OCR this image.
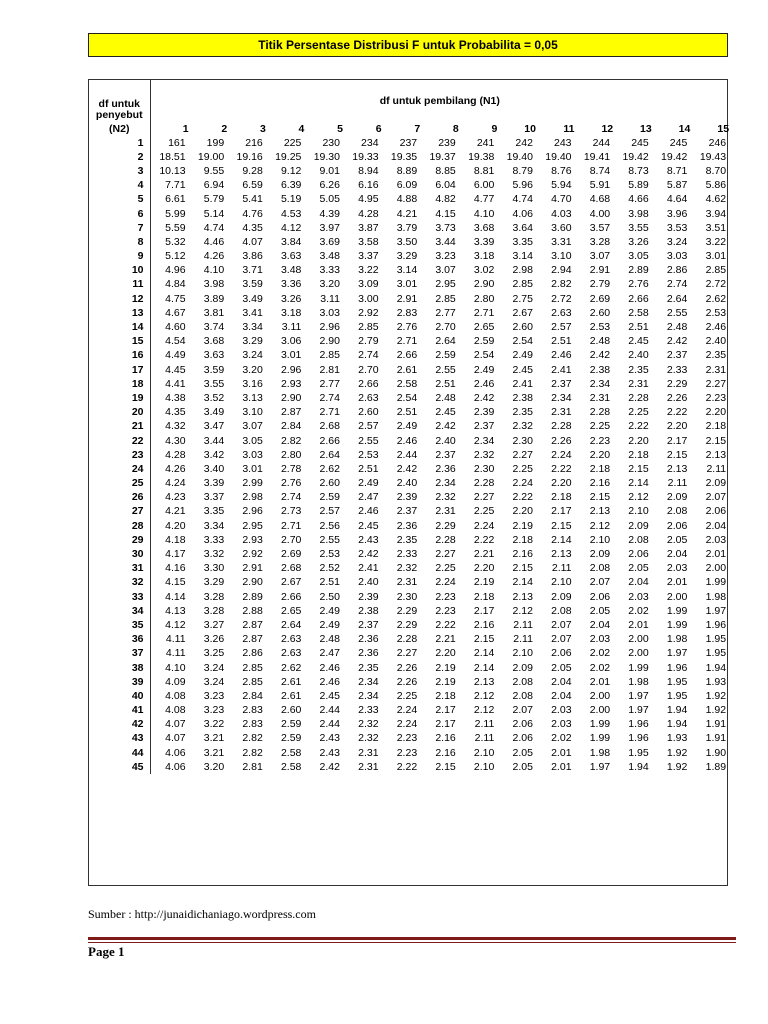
Titik Persentase Distribusi F untuk Probabilita = 0,05
df untuk
penyebut	df untuk pembilang (N1)														
(N2)	1	2	3	4	5	6	7	8	9	10	11	12	13	14	15
1	161	199	216	225	230	234	237	239	241	242	243	244	245	245	246
2	18.51	19.00	19.16	19.25	19.30	19.33	19.35	19.37	19.38	19.40	19.40	19.41	19.42	19.42	19.43
3	10.13	9.55	9.28	9.12	9.01	8.94	8.89	8.85	8.81	8.79	8.76	8.74	8.73	8.71	8.70
4	7.71	6.94	6.59	6.39	6.26	6.16	6.09	6.04	6.00	5.96	5.94	5.91	5.89	5.87	5.86
5	6.61	5.79	5.41	5.19	5.05	4.95	4.88	4.82	4.77	4.74	4.70	4.68	4.66	4.64	4.62
6	5.99	5.14	4.76	4.53	4.39	4.28	4.21	4.15	4.10	4.06	4.03	4.00	3.98	3.96	3.94
7	5.59	4.74	4.35	4.12	3.97	3.87	3.79	3.73	3.68	3.64	3.60	3.57	3.55	3.53	3.51
8	5.32	4.46	4.07	3.84	3.69	3.58	3.50	3.44	3.39	3.35	3.31	3.28	3.26	3.24	3.22
9	5.12	4.26	3.86	3.63	3.48	3.37	3.29	3.23	3.18	3.14	3.10	3.07	3.05	3.03	3.01
10	4.96	4.10	3.71	3.48	3.33	3.22	3.14	3.07	3.02	2.98	2.94	2.91	2.89	2.86	2.85
11	4.84	3.98	3.59	3.36	3.20	3.09	3.01	2.95	2.90	2.85	2.82	2.79	2.76	2.74	2.72
12	4.75	3.89	3.49	3.26	3.11	3.00	2.91	2.85	2.80	2.75	2.72	2.69	2.66	2.64	2.62
13	4.67	3.81	3.41	3.18	3.03	2.92	2.83	2.77	2.71	2.67	2.63	2.60	2.58	2.55	2.53
14	4.60	3.74	3.34	3.11	2.96	2.85	2.76	2.70	2.65	2.60	2.57	2.53	2.51	2.48	2.46
15	4.54	3.68	3.29	3.06	2.90	2.79	2.71	2.64	2.59	2.54	2.51	2.48	2.45	2.42	2.40
16	4.49	3.63	3.24	3.01	2.85	2.74	2.66	2.59	2.54	2.49	2.46	2.42	2.40	2.37	2.35
17	4.45	3.59	3.20	2.96	2.81	2.70	2.61	2.55	2.49	2.45	2.41	2.38	2.35	2.33	2.31
18	4.41	3.55	3.16	2.93	2.77	2.66	2.58	2.51	2.46	2.41	2.37	2.34	2.31	2.29	2.27
19	4.38	3.52	3.13	2.90	2.74	2.63	2.54	2.48	2.42	2.38	2.34	2.31	2.28	2.26	2.23
20	4.35	3.49	3.10	2.87	2.71	2.60	2.51	2.45	2.39	2.35	2.31	2.28	2.25	2.22	2.20
21	4.32	3.47	3.07	2.84	2.68	2.57	2.49	2.42	2.37	2.32	2.28	2.25	2.22	2.20	2.18
22	4.30	3.44	3.05	2.82	2.66	2.55	2.46	2.40	2.34	2.30	2.26	2.23	2.20	2.17	2.15
23	4.28	3.42	3.03	2.80	2.64	2.53	2.44	2.37	2.32	2.27	2.24	2.20	2.18	2.15	2.13
24	4.26	3.40	3.01	2.78	2.62	2.51	2.42	2.36	2.30	2.25	2.22	2.18	2.15	2.13	2.11
25	4.24	3.39	2.99	2.76	2.60	2.49	2.40	2.34	2.28	2.24	2.20	2.16	2.14	2.11	2.09
26	4.23	3.37	2.98	2.74	2.59	2.47	2.39	2.32	2.27	2.22	2.18	2.15	2.12	2.09	2.07
27	4.21	3.35	2.96	2.73	2.57	2.46	2.37	2.31	2.25	2.20	2.17	2.13	2.10	2.08	2.06
28	4.20	3.34	2.95	2.71	2.56	2.45	2.36	2.29	2.24	2.19	2.15	2.12	2.09	2.06	2.04
29	4.18	3.33	2.93	2.70	2.55	2.43	2.35	2.28	2.22	2.18	2.14	2.10	2.08	2.05	2.03
30	4.17	3.32	2.92	2.69	2.53	2.42	2.33	2.27	2.21	2.16	2.13	2.09	2.06	2.04	2.01
31	4.16	3.30	2.91	2.68	2.52	2.41	2.32	2.25	2.20	2.15	2.11	2.08	2.05	2.03	2.00
32	4.15	3.29	2.90	2.67	2.51	2.40	2.31	2.24	2.19	2.14	2.10	2.07	2.04	2.01	1.99
33	4.14	3.28	2.89	2.66	2.50	2.39	2.30	2.23	2.18	2.13	2.09	2.06	2.03	2.00	1.98
34	4.13	3.28	2.88	2.65	2.49	2.38	2.29	2.23	2.17	2.12	2.08	2.05	2.02	1.99	1.97
35	4.12	3.27	2.87	2.64	2.49	2.37	2.29	2.22	2.16	2.11	2.07	2.04	2.01	1.99	1.96
36	4.11	3.26	2.87	2.63	2.48	2.36	2.28	2.21	2.15	2.11	2.07	2.03	2.00	1.98	1.95
37	4.11	3.25	2.86	2.63	2.47	2.36	2.27	2.20	2.14	2.10	2.06	2.02	2.00	1.97	1.95
38	4.10	3.24	2.85	2.62	2.46	2.35	2.26	2.19	2.14	2.09	2.05	2.02	1.99	1.96	1.94
39	4.09	3.24	2.85	2.61	2.46	2.34	2.26	2.19	2.13	2.08	2.04	2.01	1.98	1.95	1.93
40	4.08	3.23	2.84	2.61	2.45	2.34	2.25	2.18	2.12	2.08	2.04	2.00	1.97	1.95	1.92
41	4.08	3.23	2.83	2.60	2.44	2.33	2.24	2.17	2.12	2.07	2.03	2.00	1.97	1.94	1.92
42	4.07	3.22	2.83	2.59	2.44	2.32	2.24	2.17	2.11	2.06	2.03	1.99	1.96	1.94	1.91
43	4.07	3.21	2.82	2.59	2.43	2.32	2.23	2.16	2.11	2.06	2.02	1.99	1.96	1.93	1.91
44	4.06	3.21	2.82	2.58	2.43	2.31	2.23	2.16	2.10	2.05	2.01	1.98	1.95	1.92	1.90
45	4.06	3.20	2.81	2.58	2.42	2.31	2.22	2.15	2.10	2.05	2.01	1.97	1.94	1.92	1.89
Sumber : http://junaidichaniago.wordpress.com
Page 1
